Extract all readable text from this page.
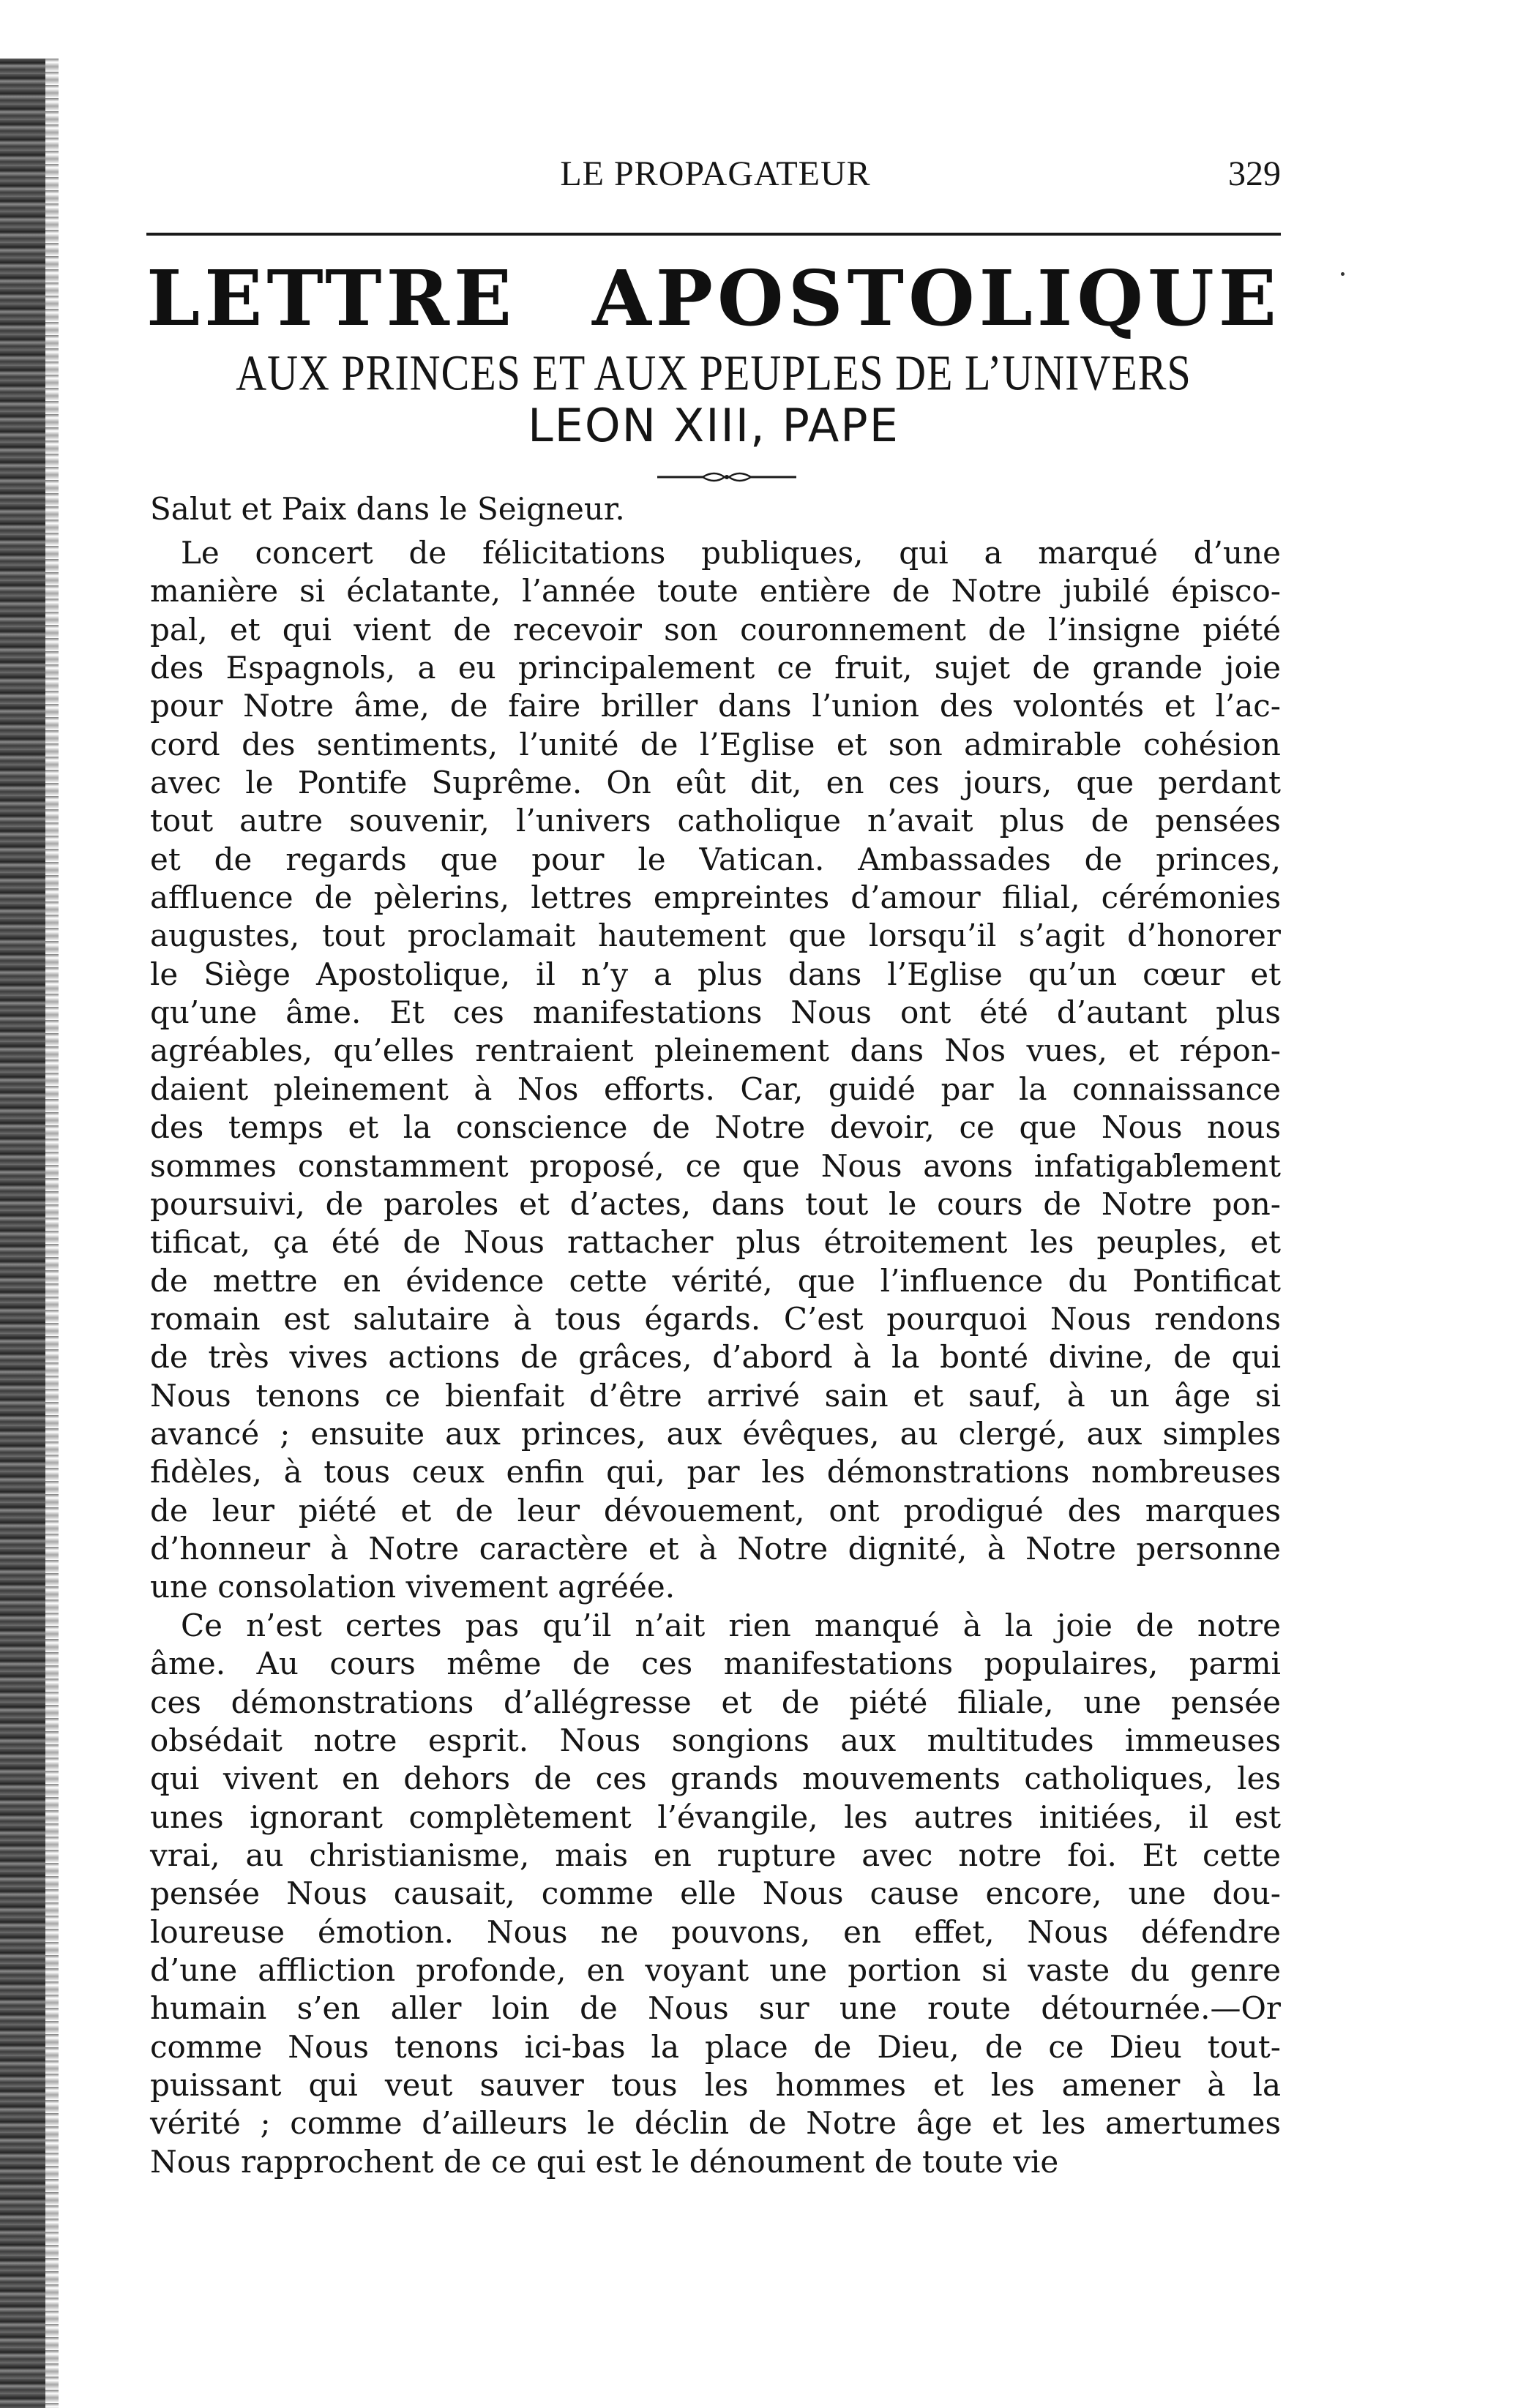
LE PROPAGATEUR	329
LETTRE APOSTOLIQUE
AUX PRINCES ET AUX PEUPLES DE L’UNIVERS
LEON XIII, PAPE
Salut et Paix dans le Seigneur.
Le concert de félicitations publiques, qui a marqué d’une
manière si éclatante, l’année toute entière de Notre jubilé épisco-
pal, et qui vient de recevoir son couronnement de l’insigne piété
des Espagnols, a eu principalement ce fruit, sujet de grande joie
pour Notre âme, de faire briller dans l’union des volontés et l’ac-
cord des sentiments, l’unité de l’Eglise et son admirable cohésion
avec le Pontife Suprême. On eût dit, en ces jours, que perdant
tout autre souvenir, l’univers catholique n’avait plus de pensées
et de regards que pour le Vatican. Ambassades de princes,
affluence de pèlerins, lettres empreintes d’amour filial, cérémonies
augustes, tout proclamait hautement que lorsqu’il s’agit d’honorer
le Siège Apostolique, il n’y a plus dans l’Eglise qu’un cœur et
qu’une âme. Et ces manifestations Nous ont été d’autant plus
agréables, qu’elles rentraient pleinement dans Nos vues, et répon-
daient pleinement à Nos efforts. Car, guidé par la connaissance
des temps et la conscience de Notre devoir, ce que Nous nous
sommes constamment proposé, ce que Nous avons infatigablement
poursuivi, de paroles et d’actes, dans tout le cours de Notre pon-
tificat, ça été de Nous rattacher plus étroitement les peuples, et
de mettre en évidence cette vérité, que l’influence du Pontificat
romain est salutaire à tous égards. C’est pourquoi Nous rendons
de très vives actions de grâces, d’abord à la bonté divine, de qui
Nous tenons ce bienfait d’être arrivé sain et sauf, à un âge si
avancé ; ensuite aux princes, aux évêques, au clergé, aux simples
fidèles, à tous ceux enfin qui, par les démonstrations nombreuses
de leur piété et de leur dévouement, ont prodigué des marques
d’honneur à Notre caractère et à Notre dignité, à Notre personne
une consolation vivement agréée.
Ce n’est certes pas qu’il n’ait rien manqué à la joie de notre
âme. Au cours même de ces manifestations populaires, parmi
ces démonstrations d’allégresse et de piété filiale, une pensée
obsédait notre esprit. Nous songions aux multitudes immeuses
qui vivent en dehors de ces grands mouvements catholiques, les
unes ignorant complètement l’évangile, les autres initiées, il est
vrai, au christianisme, mais en rupture avec notre foi. Et cette
pensée Nous causait, comme elle Nous cause encore, une dou-
loureuse émotion. Nous ne pouvons, en effet, Nous défendre
d’une affliction profonde, en voyant une portion si vaste du genre
humain s’en aller loin de Nous sur une route détournée.—Or
comme Nous tenons ici-bas la place de Dieu, de ce Dieu tout-
puissant qui veut sauver tous les hommes et les amener à la
vérité ; comme d’ailleurs le déclin de Notre âge et les amertumes
Nous rapprochent de ce qui est le dénoument de toute vie
